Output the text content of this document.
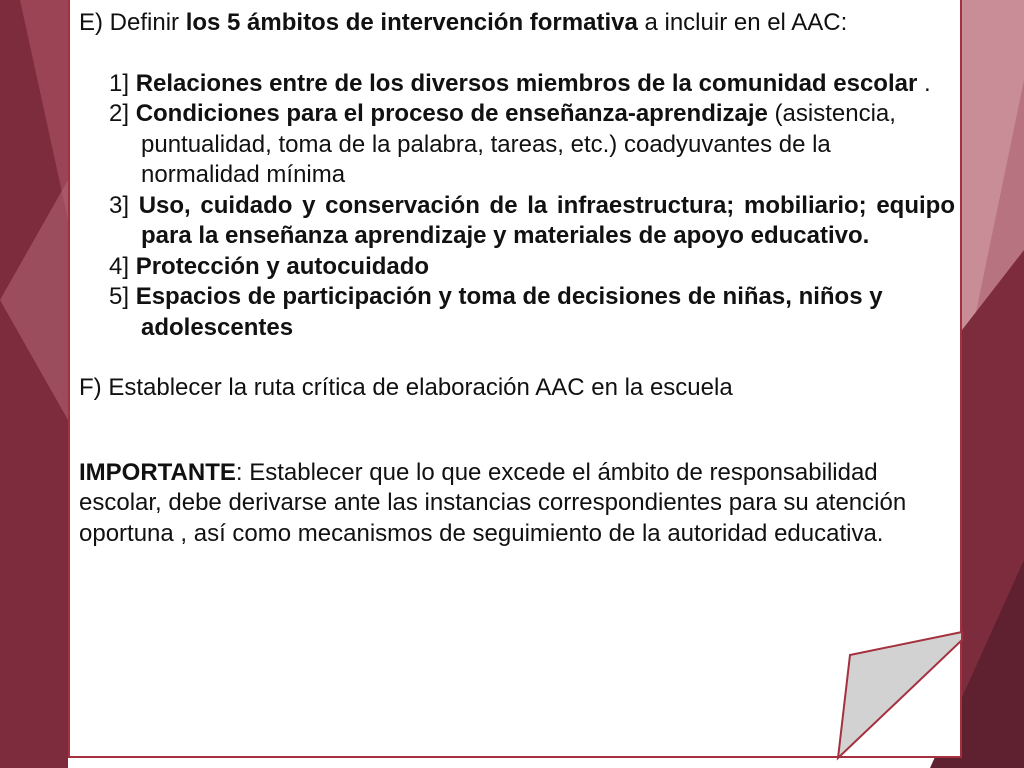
E) Definir los 5 ámbitos de intervención formativa a incluir en el AAC:

1] Relaciones entre de los diversos miembros de la comunidad escolar .

2] Condiciones para el proceso de enseñanza-aprendizaje (asistencia, puntualidad, toma de la palabra, tareas, etc.) coadyuvantes de la normalidad mínima

3] Uso, cuidado y conservación de la infraestructura; mobiliario; equipo para la enseñanza aprendizaje y materiales de apoyo educativo.

4] Protección y autocuidado

5] Espacios de participación y toma de decisiones de niñas, niños y adolescentes

F) Establecer la ruta crítica de elaboración AAC en la escuela

IMPORTANTE: Establecer que lo que excede el ámbito de responsabilidad escolar, debe derivarse ante las instancias correspondientes para su atención oportuna , así como mecanismos de seguimiento de la autoridad educativa.
